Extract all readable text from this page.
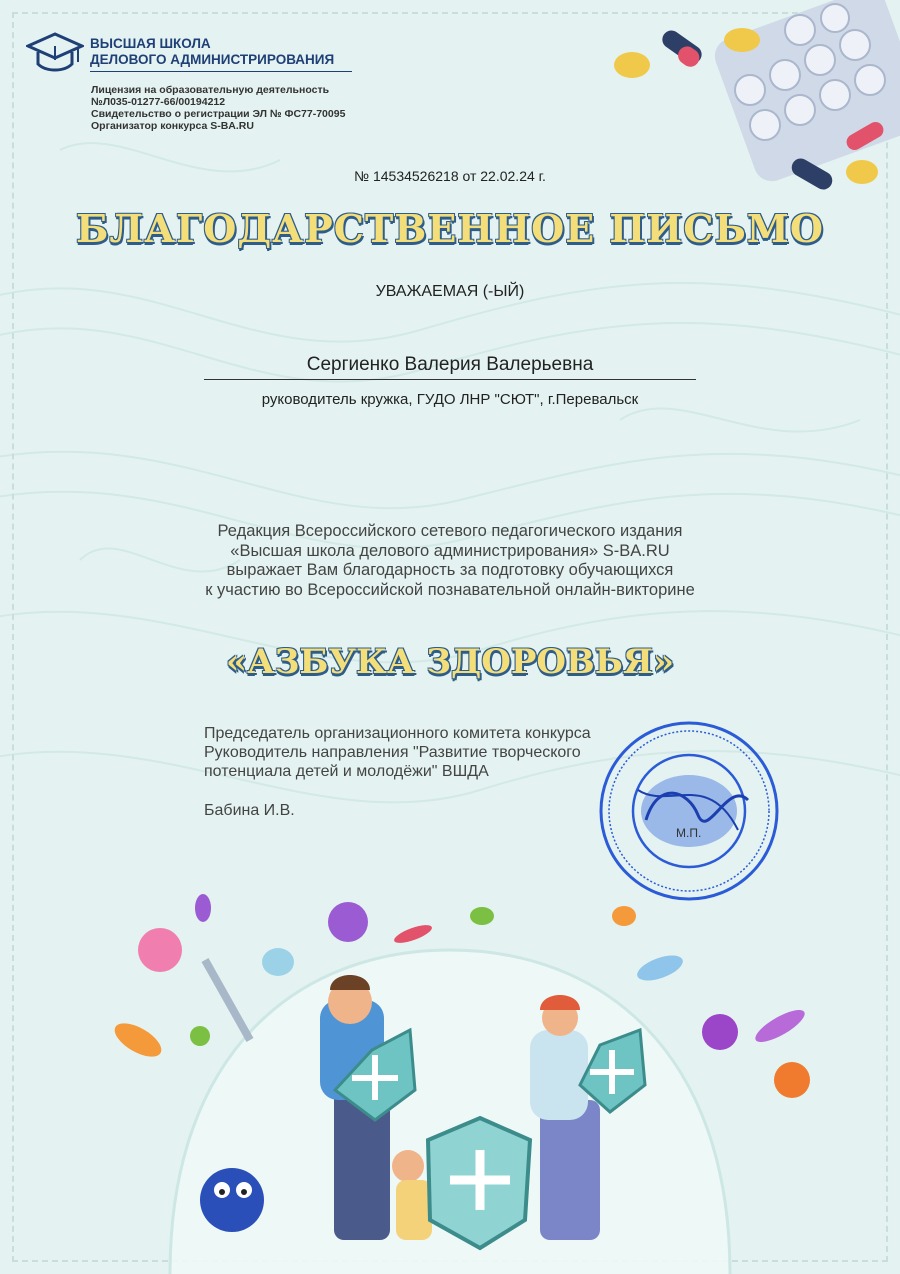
ВЫСШАЯ ШКОЛА
ДЕЛОВОГО АДМИНИСТРИРОВАНИЯ
Лицензия на образовательную деятельность
№Л035-01277-66/00194212
Свидетельство о регистрации ЭЛ № ФС77-70095
Организатор конкурса S-BA.RU
№ 14534526218 от 22.02.24 г.
БЛАГОДАРСТВЕННОЕ ПИСЬМО
УВАЖАЕМАЯ (-ЫЙ)
Сергиенко Валерия Валерьевна
руководитель кружка, ГУДО ЛНР "СЮТ", г.Перевальск
Редакция Всероссийского сетевого педагогического издания
«Высшая школа делового администрирования» S-BA.RU
выражает Вам благодарность за подготовку обучающихся
к участию во Всероссийской познавательной онлайн-викторине
«АЗБУКА ЗДОРОВЬЯ»
Председатель организационного комитета конкурса
Руководитель направления "Развитие творческого
потенциала детей и молодёжи" ВШДА
Бабина И.В.
М.П.
